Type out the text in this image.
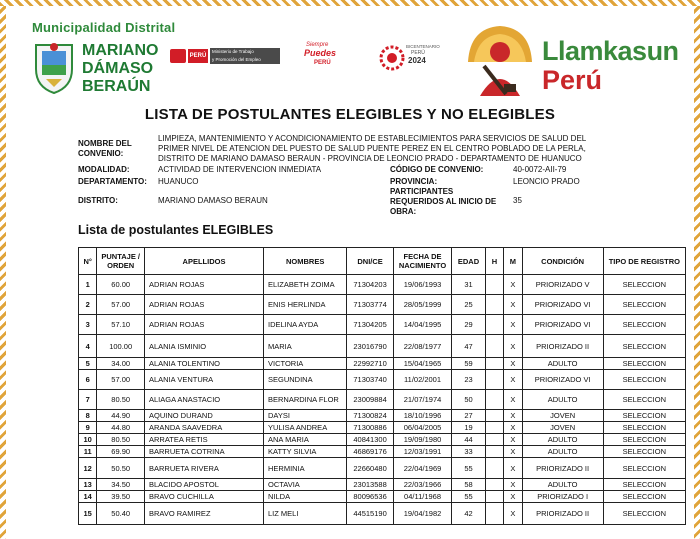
Municipalidad Distrital
MARIANO
DÁMASO
BERAÚN
PERÚ
Ministerio de Trabajo
y Promoción del Empleo
Siempre
Puedes
PERÚ
BICENTENARIO
PERÚ
2024	Llamkasun
Perú
LISTA DE POSTULANTES ELEGIBLES Y NO ELEGIBLES
NOMBRE DEL CONVENIO:
LIMPIEZA, MANTENIMIENTO Y ACONDICIONAMIENTO DE ESTABLECIMIENTOS PARA SERVICIOS DE SALUD DEL PRIMER NIVEL DE ATENCION DEL PUESTO DE SALUD PUENTE PEREZ EN EL CENTRO POBLADO DE LA PERLA, DISTRITO DE MARIANO DAMASO BERAUN - PROVINCIA DE LEONCIO PRADO - DEPARTAMENTO DE HUANUCO
MODALIDAD:	ACTIVIDAD DE INTERVENCION INMEDIATA	CÓDIGO DE CONVENIO:	40-0072-AII-79
DEPARTAMENTO: HUANUCO	PROVINCIA:	LEONCIO PRADO
DISTRITO:	MARIANO DAMASO BERAUN
PARTICIPANTES REQUERIDOS AL INICIO DE OBRA:
35
Lista de postulantes ELEGIBLES
N°	PUNTAJE / ORDEN	APELLIDOS	NOMBRES	DNI/CE	FECHA DE NACIMIENTO	EDAD	H	M	CONDICIÓN	TIPO DE REGISTRO
1	60.00	ADRIAN ROJAS	ELIZABETH ZOIMA	71304203	19/06/1993	31		X	PRIORIZADO V	SELECCION
2	57.00	ADRIAN ROJAS	ENIS HERLINDA	71303774	28/05/1999	25		X	PRIORIZADO VI	SELECCION
3	57.10	ADRIAN ROJAS	IDELINA AYDA	71304205	14/04/1995	29		X	PRIORIZADO VI	SELECCION
4	100.00	ALANIA ISMINIO	MARIA	23016790	22/08/1977	47		X	PRIORIZADO II	SELECCION
5	34.00	ALANIA TOLENTINO	VICTORIA	22992710	15/04/1965	59		X	ADULTO	SELECCION
6	57.00	ALANIA VENTURA	SEGUNDINA	71303740	11/02/2001	23		X	PRIORIZADO VI	SELECCION
7	80.50	ALIAGA ANASTACIO	BERNARDINA FLOR	23009884	21/07/1974	50		X	ADULTO	SELECCION
8	44.90	AQUINO DURAND	DAYSI	71300824	18/10/1996	27		X	JOVEN	SELECCION
9	44.80	ARANDA SAAVEDRA	YULISA ANDREA	71300886	06/04/2005	19		X	JOVEN	SELECCION
10	80.50	ARRATEA RETIS	ANA MARIA	40841300	19/09/1980	44		X	ADULTO	SELECCION
11	69.90	BARRUETA COTRINA	KATTY SILVIA	46869176	12/03/1991	33		X	ADULTO	SELECCION
12	50.50	BARRUETA RIVERA	HERMINIA	22660480	22/04/1969	55		X	PRIORIZADO II	SELECCION
13	34.50	BLACIDO APOSTOL	OCTAVIA	23013588	22/03/1966	58		X	ADULTO	SELECCION
14	39.50	BRAVO CUCHILLA	NILDA	80096536	04/11/1968	55		X	PRIORIZADO I	SELECCION
15	50.40	BRAVO RAMIREZ	LIZ MELI	44515190	19/04/1982	42		X	PRIORIZADO II	SELECCION
